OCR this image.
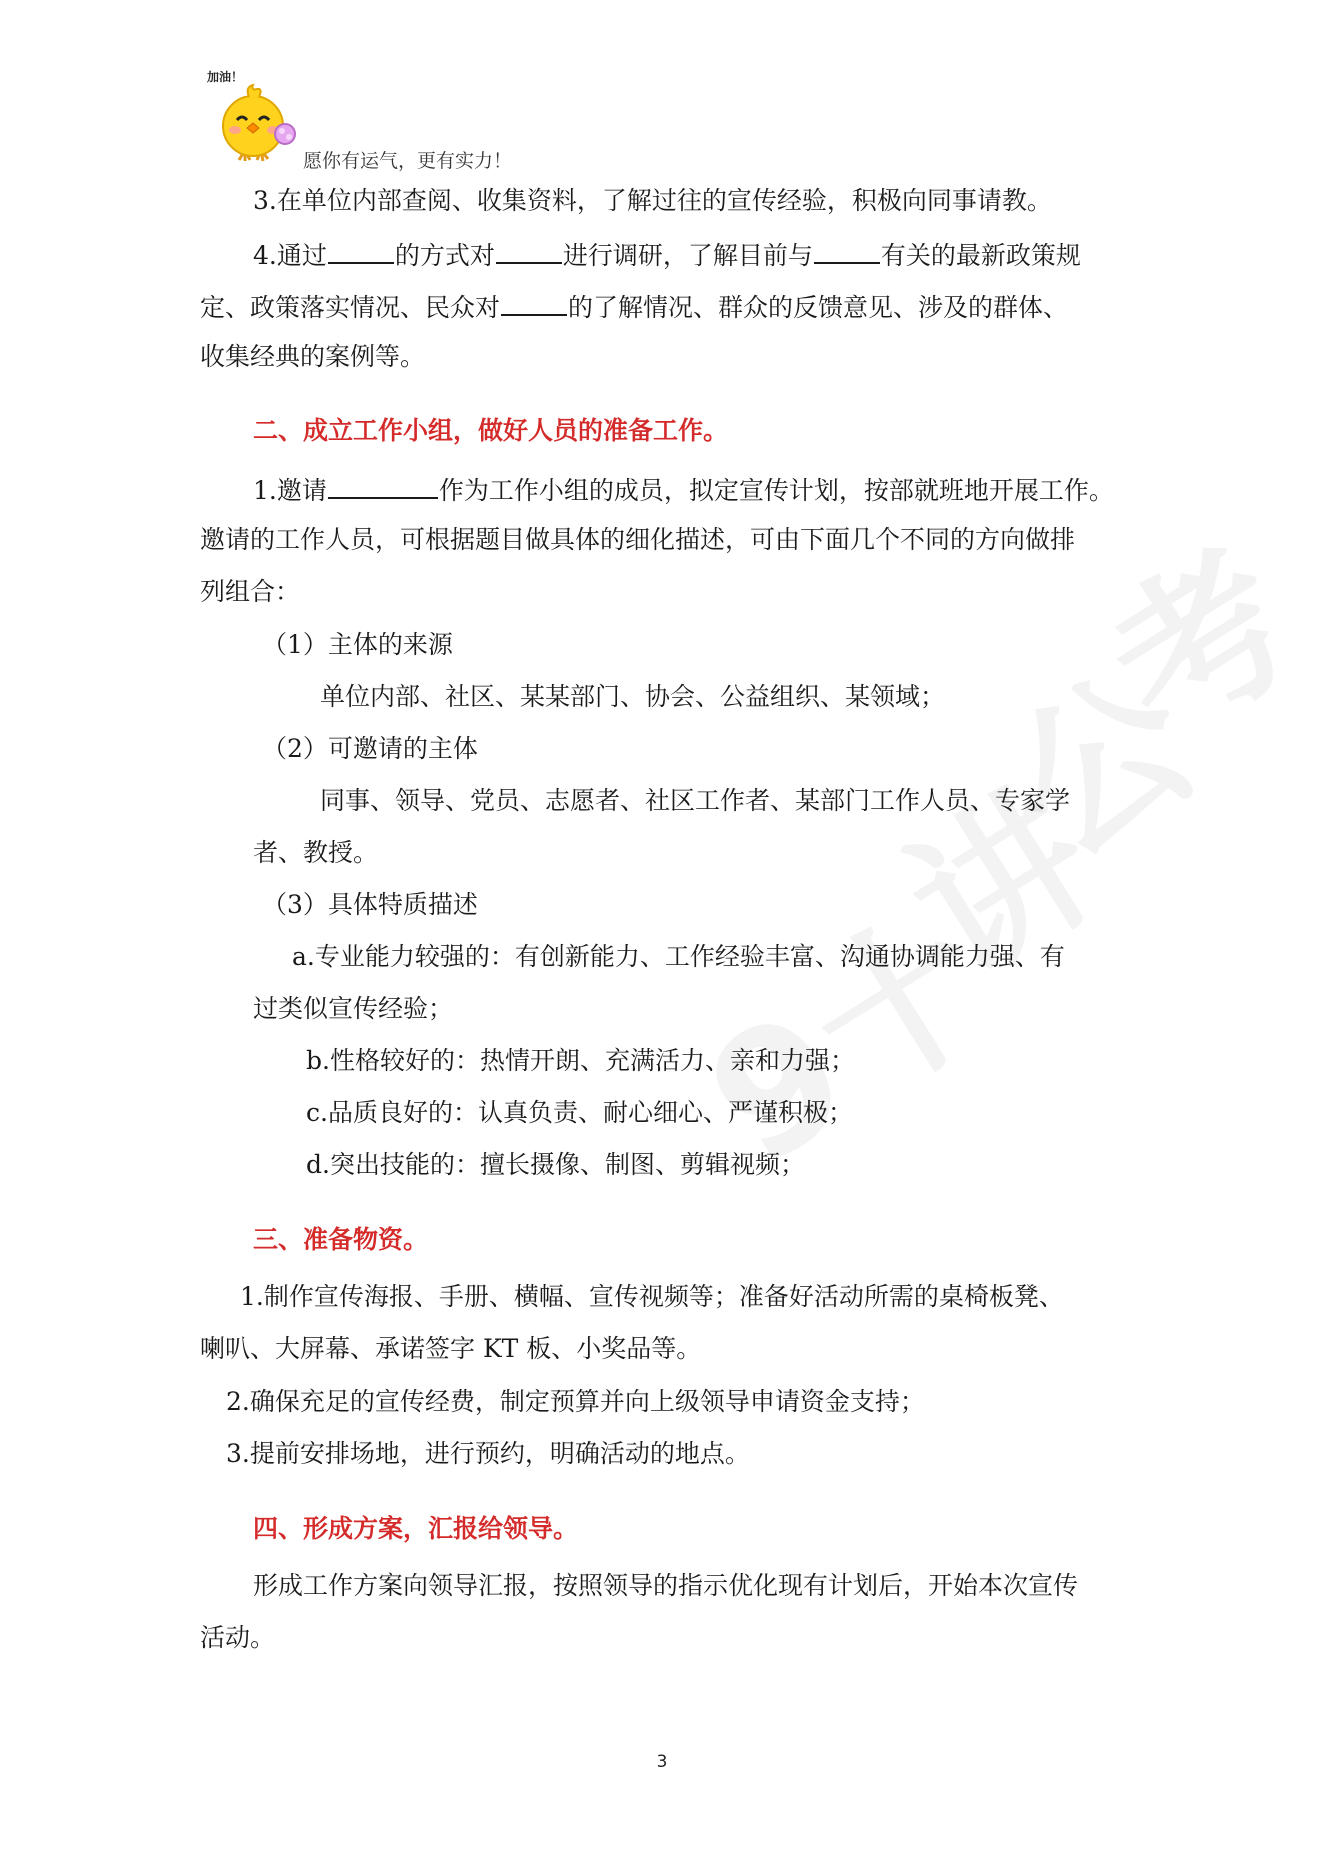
加油！
愿你有运气，更有实力！
3.在单位内部查阅、收集资料，了解过往的宣传经验，积极向同事请教。
4.通过	的方式对	进行调研，了解目前与	有关的最新政策规
定、政策落实情况、民众对	的了解情况、群众的反馈意见、涉及的群体、
收集经典的案例等。
二、成立工作小组，做好人员的准备工作。
1.邀请	作为工作小组的成员，拟定宣传计划，按部就班地开展工作。
邀请的工作人员，可根据题目做具体的细化描述，可由下面几个不同的方向做排
列组合：
（1）主体的来源
单位内部、社区、某某部门、协会、公益组织、某领域；
（2）可邀请的主体
同事、领导、党员、志愿者、社区工作者、某部门工作人员、专家学
者、教授。
（3）具体特质描述
a.专业能力较强的：有创新能力、工作经验丰富、沟通协调能力强、有
过类似宣传经验；
b.性格较好的：热情开朗、充满活力、亲和力强；
c.品质良好的：认真负责、耐心细心、严谨积极；
d.突出技能的：擅长摄像、制图、剪辑视频；
三、准备物资。
1.制作宣传海报、手册、横幅、宣传视频等；准备好活动所需的桌椅板凳、
喇叭、大屏幕、承诺签字 KT 板、小奖品等。
2.确保充足的宣传经费，制定预算并向上级领导申请资金支持；
3.提前安排场地，进行预约，明确活动的地点。
四、形成方案，汇报给领导。
形成工作方案向领导汇报，按照领导的指示优化现有计划后，开始本次宣传
活动。
3
